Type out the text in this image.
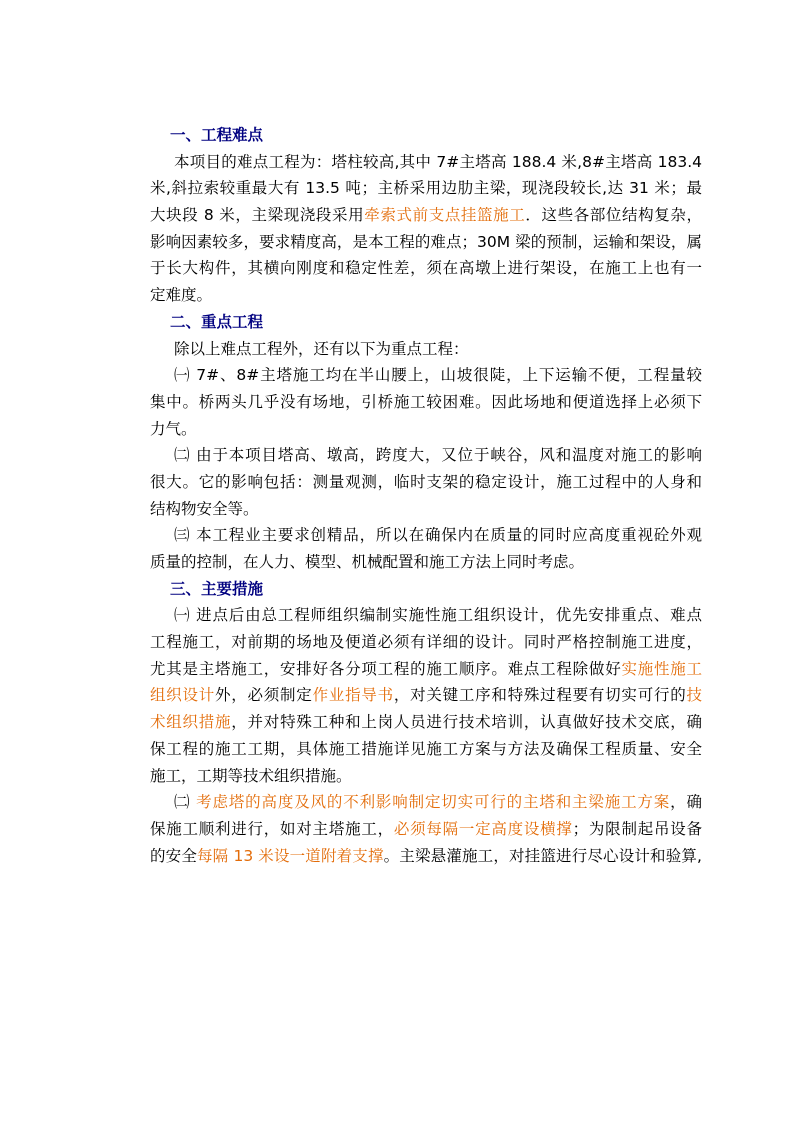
一、工程难点
本项目的难点工程为：塔柱较高,其中 7#主塔高 188.4 米,8#主塔高 183.4
米,斜拉索较重最大有 13.5 吨；主桥采用边肋主梁，现浇段较长,达 31 米；最
大块段 8 米，主梁现浇段采用牵索式前支点挂篮施工．这些各部位结构复杂，
影响因素较多，要求精度高，是本工程的难点；30M 梁的预制，运输和架设，属
于长大构件，其横向刚度和稳定性差，须在高墩上进行架设，在施工上也有一
定难度。
二、重点工程
除以上难点工程外，还有以下为重点工程：
㈠ 7#、8#主塔施工均在半山腰上，山坡很陡，上下运输不便，工程量较
集中。桥两头几乎没有场地，引桥施工较困难。因此场地和便道选择上必须下
力气。
㈡ 由于本项目塔高、墩高，跨度大，又位于峡谷，风和温度对施工的影响
很大。它的影响包括：测量观测，临时支架的稳定设计，施工过程中的人身和
结构物安全等。
㈢ 本工程业主要求创精品，所以在确保内在质量的同时应高度重视砼外观
质量的控制，在人力、模型、机械配置和施工方法上同时考虑。
三、主要措施
㈠ 进点后由总工程师组织编制实施性施工组织设计，优先安排重点、难点
工程施工，对前期的场地及便道必须有详细的设计。同时严格控制施工进度，
尤其是主塔施工，安排好各分项工程的施工顺序。难点工程除做好实施性施工
组织设计外，必须制定作业指导书，对关键工序和特殊过程要有切实可行的技
术组织措施，并对特殊工种和上岗人员进行技术培训，认真做好技术交底，确
保工程的施工工期，具体施工措施详见施工方案与方法及确保工程质量、安全
施工，工期等技术组织措施。
㈡ 考虑塔的高度及风的不利影响制定切实可行的主塔和主梁施工方案，确
保施工顺利进行，如对主塔施工，必须每隔一定高度设横撑；为限制起吊设备
的安全每隔 13 米设一道附着支撑。主梁悬灌施工，对挂篮进行尽心设计和验算,
